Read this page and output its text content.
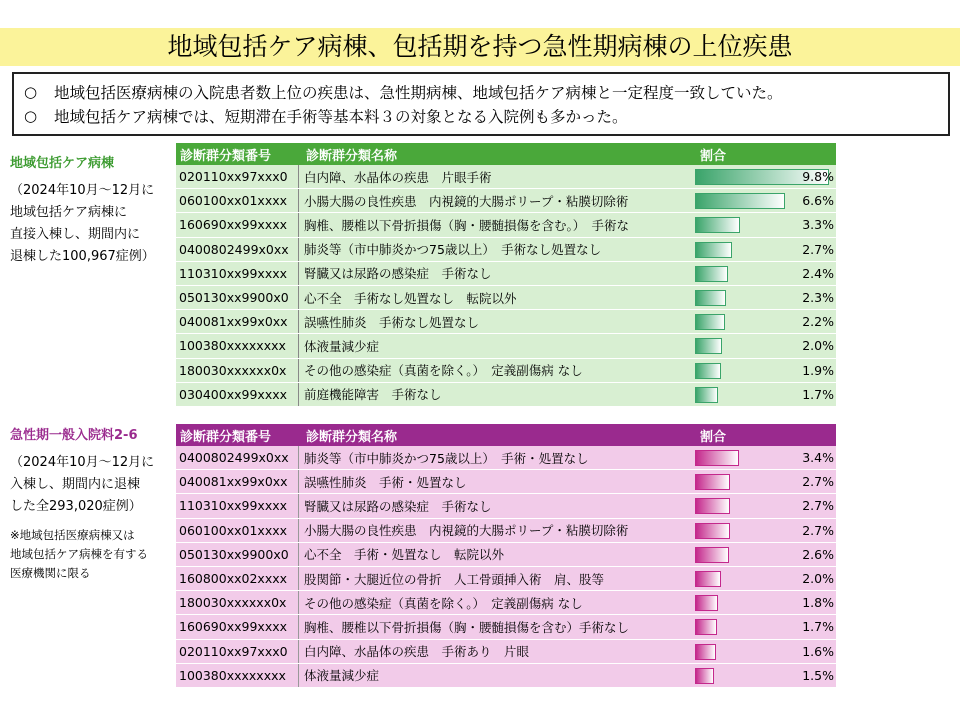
地域包括ケア病棟、包括期を持つ急性期病棟の上位疾患
○	地域包括医療病棟の入院患者数上位の疾患は、急性期病棟、地域包括ケア病棟と一定程度一致していた。
○	地域包括ケア病棟では、短期滞在手術等基本料３の対象となる入院例も多かった。
地域包括ケア病棟
（2024年10月～12月に
地域包括ケア病棟に
直接入棟し、期間内に
退棟した100,967症例）
診断群分類番号	診断群分類名称	割合
020110xx97xxx0	白内障、水晶体の疾患　片眼手術	9.8%
060100xx01xxxx	小腸大腸の良性疾患　内視鏡的大腸ポリープ・粘膜切除術	6.6%
160690xx99xxxx	胸椎、腰椎以下骨折損傷（胸・腰髄損傷を含む。）　手術な	3.3%
0400802499x0xx	肺炎等（市中肺炎かつ75歳以上）　手術なし処置なし	2.7%
110310xx99xxxx	腎臓又は尿路の感染症　手術なし	2.4%
050130xx9900x0	心不全　手術なし処置なし　転院以外	2.3%
040081xx99x0xx	誤嚥性肺炎　手術なし処置なし	2.2%
100380xxxxxxxx	体液量減少症	2.0%
180030xxxxxx0x	その他の感染症（真菌を除く。）　定義副傷病 なし	1.9%
030400xx99xxxx	前庭機能障害　手術なし	1.7%
急性期一般入院料2-6
（2024年10月～12月に
入棟し、期間内に退棟
した全293,020症例）
※地域包括医療病棟又は
地域包括ケア病棟を有する
医療機関に限る
診断群分類番号	診断群分類名称	割合
0400802499x0xx	肺炎等（市中肺炎かつ75歳以上）　手術・処置なし	3.4%
040081xx99x0xx	誤嚥性肺炎　手術・処置なし	2.7%
110310xx99xxxx	腎臓又は尿路の感染症　手術なし	2.7%
060100xx01xxxx	小腸大腸の良性疾患　内視鏡的大腸ポリープ・粘膜切除術	2.7%
050130xx9900x0	心不全　手術・処置なし　転院以外	2.6%
160800xx02xxxx	股関節・大腿近位の骨折　人工骨頭挿入術　肩、股等	2.0%
180030xxxxxx0x	その他の感染症（真菌を除く。）　定義副傷病 なし	1.8%
160690xx99xxxx	胸椎、腰椎以下骨折損傷（胸・腰髄損傷を含む）手術なし	1.7%
020110xx97xxx0	白内障、水晶体の疾患　手術あり　片眼	1.6%
100380xxxxxxxx	体液量減少症	1.5%
